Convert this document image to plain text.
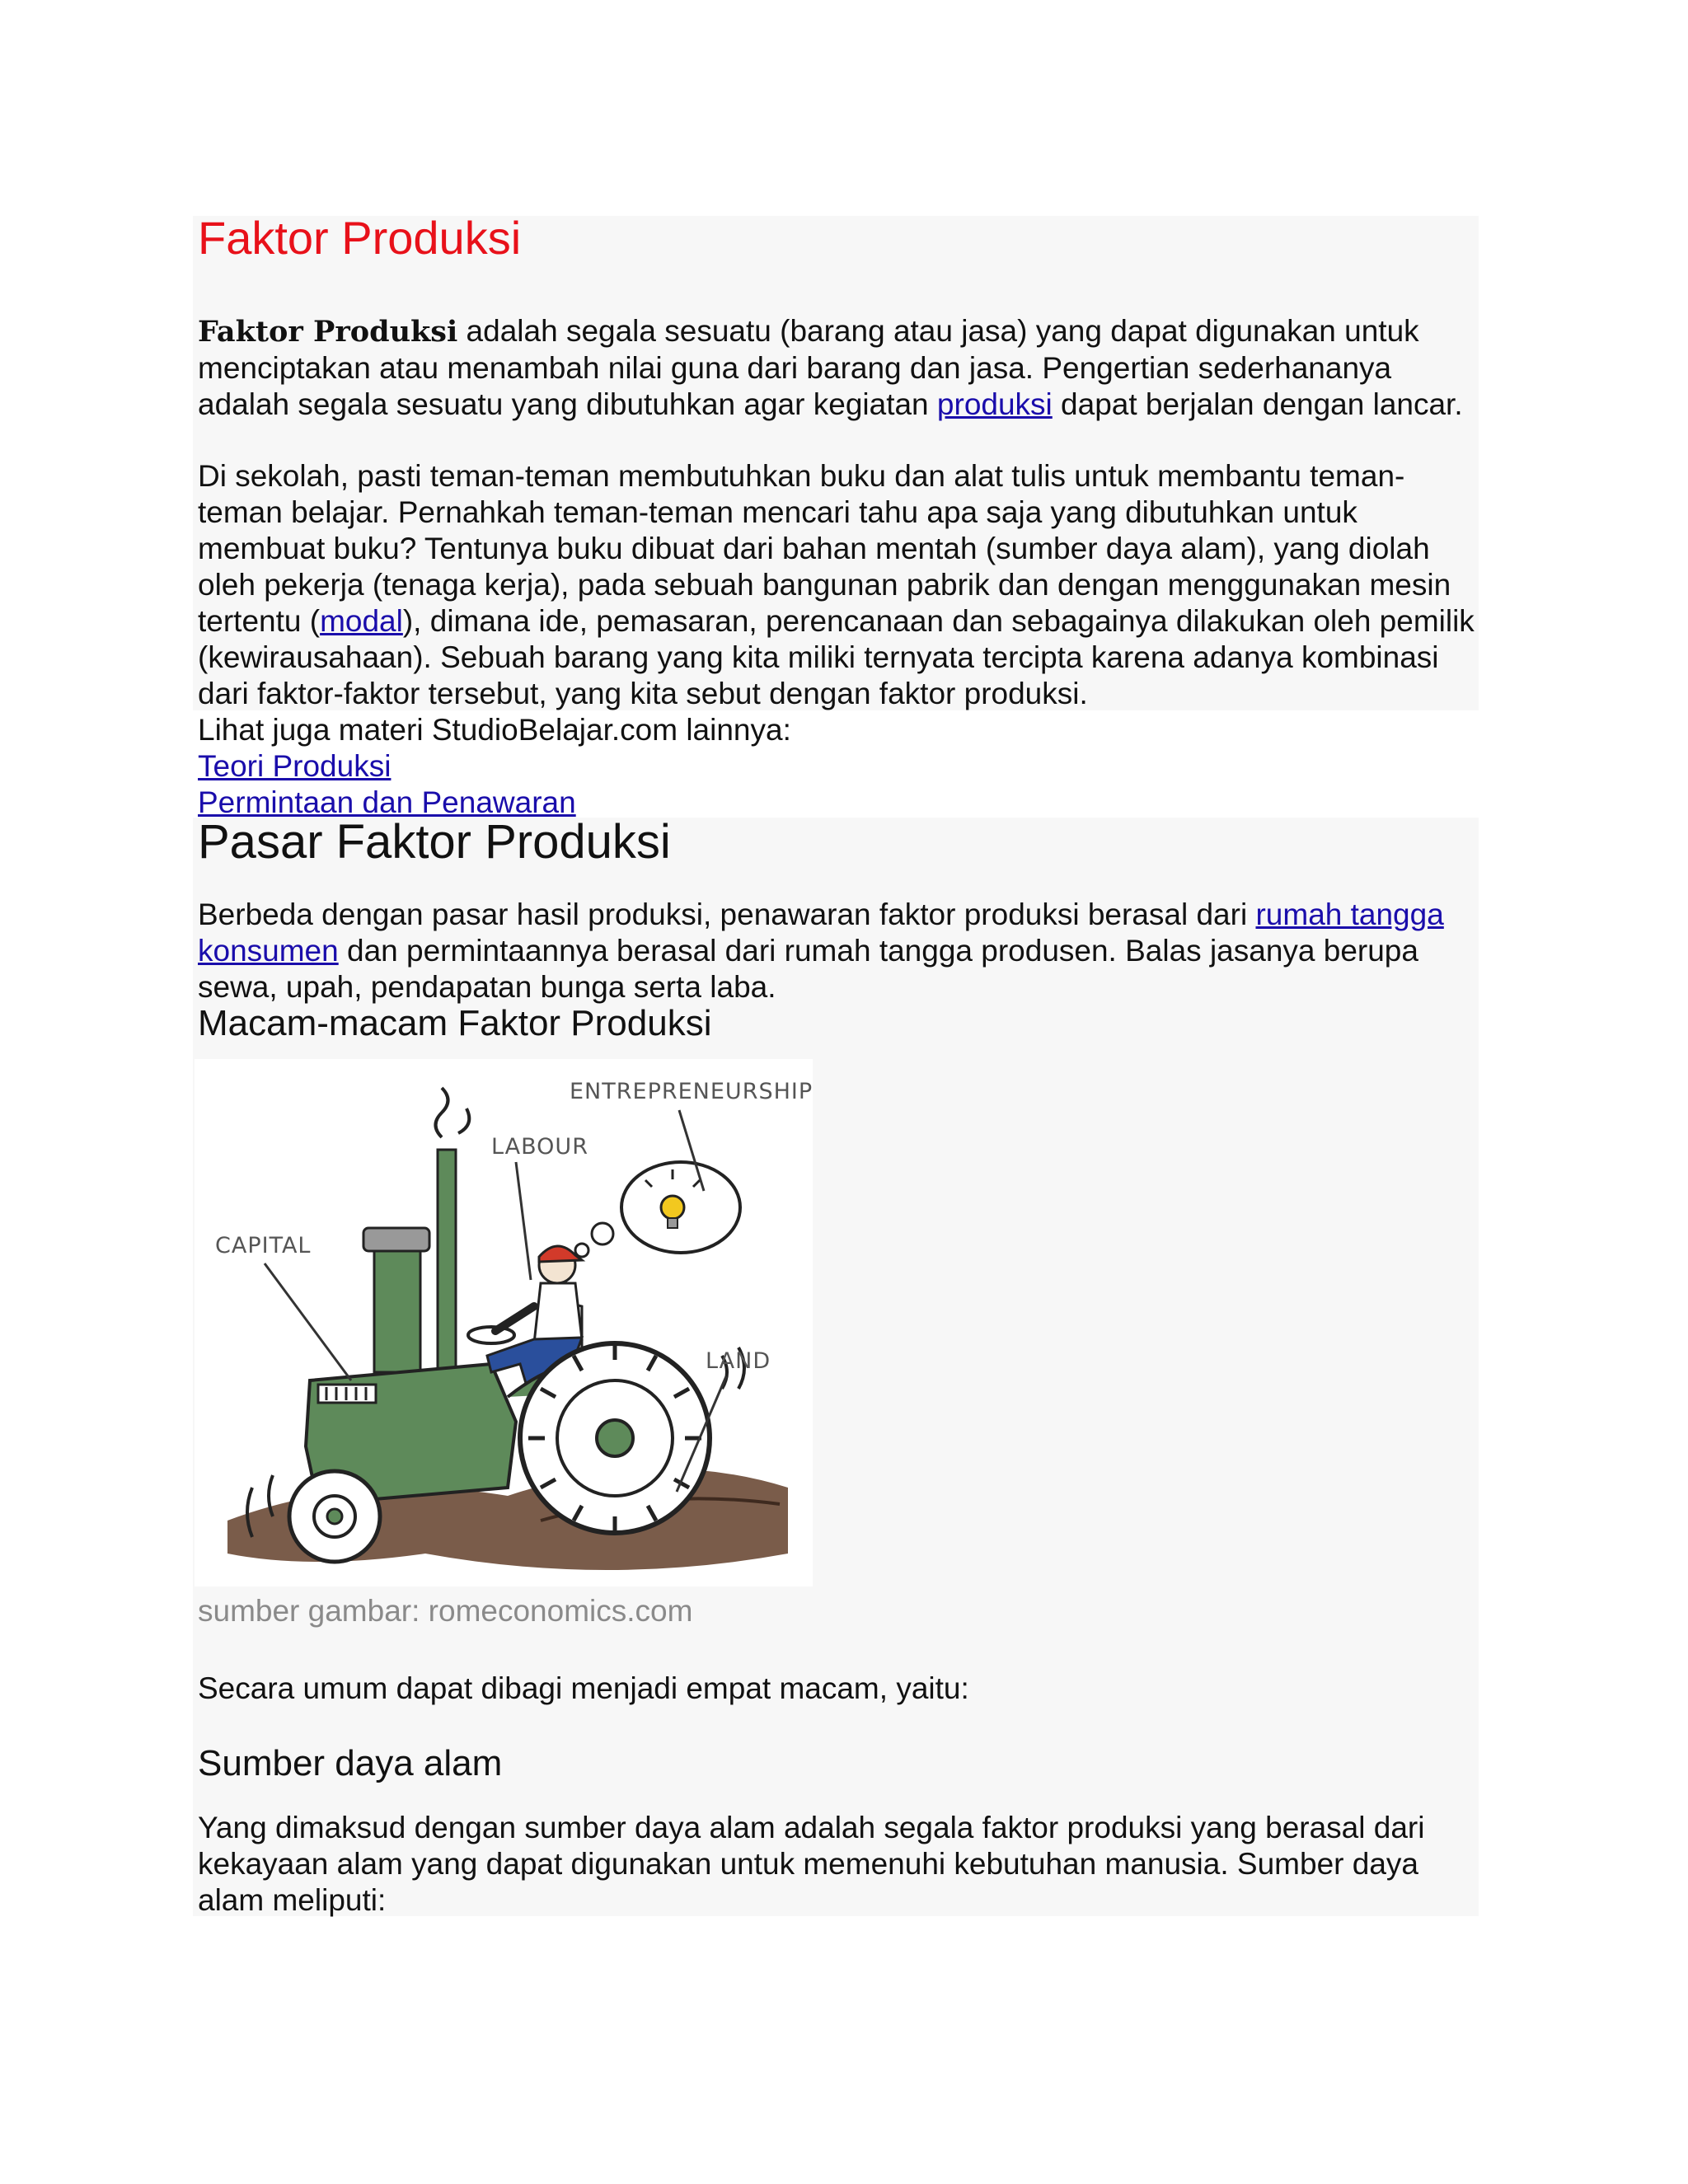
Faktor Produksi

Faktor Produksi adalah segala sesuatu (barang atau jasa) yang dapat digunakan untuk menciptakan atau menambah nilai guna dari barang dan jasa. Pengertian sederhananya adalah segala sesuatu yang dibutuhkan agar kegiatan produksi dapat berjalan dengan lancar.

Di sekolah, pasti teman-teman membutuhkan buku dan alat tulis untuk membantu teman-teman belajar. Pernahkah teman-teman mencari tahu apa saja yang dibutuhkan untuk membuat buku? Tentunya buku dibuat dari bahan mentah (sumber daya alam), yang diolah oleh pekerja (tenaga kerja), pada sebuah bangunan pabrik dan dengan menggunakan mesin tertentu (modal), dimana ide, pemasaran, perencanaan dan sebagainya dilakukan oleh pemilik (kewirausahaan). Sebuah barang yang kita miliki ternyata tercipta karena adanya kombinasi dari faktor-faktor tersebut, yang kita sebut dengan faktor produksi.

Lihat juga materi StudioBelajar.com lainnya:
Teori Produksi
Permintaan dan Penawaran
Pasar Faktor Produksi

Berbeda dengan pasar hasil produksi, penawaran faktor produksi berasal dari rumah tangga konsumen dan permintaannya berasal dari rumah tangga produsen. Balas jasanya berupa sewa, upah, pendapatan bunga serta laba.

Macam-macam Faktor Produksi
ENTREPRENEURSHIP
LABOUR
CAPITAL
LAND
sumber gambar: romeconomics.com
Secara umum dapat dibagi menjadi empat macam, yaitu:
Sumber daya alam

Yang dimaksud dengan sumber daya alam adalah segala faktor produksi yang berasal dari kekayaan alam yang dapat digunakan untuk memenuhi kebutuhan manusia. Sumber daya alam meliputi:
